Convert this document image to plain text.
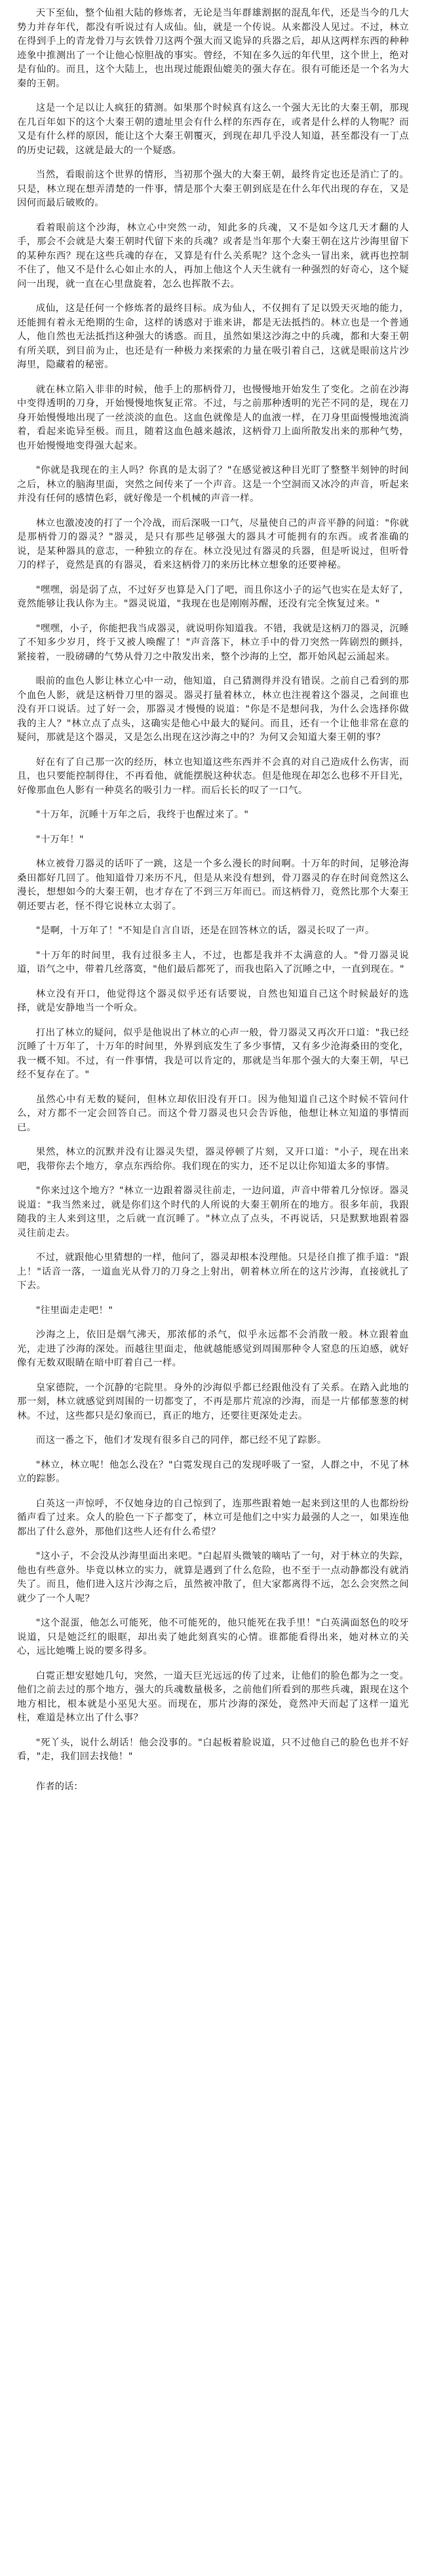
天下至仙，整个仙祖大陆的修炼者，无论是当年群雄割据的混乱年代，还是当今的几大势力并存年代，都没有听说过有人成仙。仙，就是一个传说。从来都没人见过。不过，林立在得到手上的青龙骨刀与玄铁骨刀这两个强大而又诡异的兵器之后，却从这两样东西的种种迹象中推测出了一个让他心惊胆战的事实。曾经，不知在多久远的年代里，这个世上，绝对是有仙的。而且，这个大陆上，也出现过能跟仙媲美的强大存在。很有可能还是一个名为大秦的王朝。

这是一个足以让人疯狂的猜测。如果那个时候真有这么一个强大无比的大秦王朝，那现在几百年如下的这个大秦王朝的遗址里会有什么样的东西存在，或者是什么样的人物呢？而又是有什么样的原因，能让这个大秦王朝覆灭，到现在却几乎没人知道，甚至都没有一丁点的历史记载，这就是最大的一个疑惑。

当然，看眼前这个世界的情形，当初那个强大的大秦王朝，最终肯定也还是消亡了的。只是，林立现在想弄清楚的一件事，情是那个大秦王朝到底是在什么年代出现的存在，又是因何而最后破败的。

看着眼前这个沙海，林立心中突然一动，知此多的兵魂，又不是如今这几天才翻的人手，那会不会就是大秦王朝时代留下来的兵魂？或者是当年那个大秦王朝在这片沙海里留下的某种东西？现在这些兵魂的存在，又算是有什么关系呢？这个念头一冒出来，就再也控制不住了，他又不是什么心如止水的人，再加上他这个人天生就有一种强烈的好奇心，这个疑问一出现，就一直在心里盘旋着，怎么也挥散不去。

成仙，这是任何一个修炼者的最终目标。成为仙人，不仅拥有了足以毁天灭地的能力，还能拥有着永无绝期的生命，这样的诱惑对于谁来讲，都是无法抵挡的。林立也是一个普通人，他自然也无法抵挡这种强大的诱惑。而且，虽然如果这沙海之中的兵魂，都和大秦王朝有所关联，到目前为止，也还是有一种极力来探索的力量在吸引着自己，这就是眼前这片沙海里，隐藏着的秘密。

就在林立陷入非非的时候，他手上的那柄骨刀，也慢慢地开始发生了变化。之前在沙海中变得透明的刀身，开始慢慢地恢复正常。不过，与之前那种透明的光芒不同的是，现在刀身开始慢慢地出现了一丝淡淡的血色。这血色就像是人的血液一样，在刀身里面慢慢地流淌着，看起来诡异至极。而且，随着这血色越来越浓，这柄骨刀上面所散发出来的那种气势，也开始慢慢地变得强大起来。

"你就是我现在的主人吗？你真的是太弱了？"在感觉被这种目光盯了整整半刻钟的时间之后，林立的脑海里面，突然之间传来了一个声音。这是一个空洞而又冰冷的声音，听起来并没有任何的感情色彩，就好像是一个机械的声音一样。

林立也激凌凌的打了一个冷战，而后深吸一口气，尽量使自己的声音平静的问道："你就是那柄骨刀的器灵？"器灵，是只有那些足够强大的器具才可能拥有的东西。或者准确的说，是某种器具的意志，一种独立的存在。林立没见过有器灵的兵器，但是听说过，但听骨刀的样子，竟然是真的有器灵，看来这柄骨刀的来历比林立想象的还要神秘。

"嘿嘿，弱是弱了点，不过好歹也算是入门了吧，而且你这小子的运气也实在是太好了，竟然能够让我认你为主。"器灵说道，"我现在也是刚刚苏醒，还没有完全恢复过来。"

"嘿嘿，小子，你能把我当成器灵，就说明你知道我。不错，我就是这柄刀的器灵，沉睡了不知多少岁月，终于又被人唤醒了！"声音落下，林立手中的骨刀突然一阵剧烈的颤抖，紧接着，一股磅礴的气势从骨刀之中散发出来，整个沙海的上空，都开始风起云涌起来。

眼前的血色人影让林立心中一动，他知道，自己猜测得并没有错误。之前自己看到的那个血色人影，就是这柄骨刀里的器灵。器灵打量着林立，林立也注视着这个器灵，之间谁也没有开口说话。过了好一会，那器灵才慢慢的说道："你是不是想问我，为什么会选择你做我的主人？"林立点了点头，这确实是他心中最大的疑问。而且，还有一个让他非常在意的疑问，那就是这个器灵，又是怎么出现在这沙海之中的？为何又会知道大秦王朝的事？

好在有了自己那一次的经历，林立也知道这些东西并不会真的对自己造成什么伤害，而且，也只要能控制得住，不再看他，就能摆脱这种状态。但是他现在却怎么也移不开目光，好像那血色人影有一种莫名的吸引力一样。而后长长的叹了一口气。

"十万年，沉睡十万年之后，我终于也醒过来了。"

"十万年！"

林立被骨刀器灵的话吓了一跳，这是一个多么漫长的时间啊。十万年的时间，足够沧海桑田都好几回了。他知道骨刀来历不凡，但是从来没有想到，骨刀器灵的存在时间竟然这么漫长，想想如今的大秦王朝，也才存在了不到三万年而已。而这柄骨刀，竟然比那个大秦王朝还要古老，怪不得它说林立太弱了。

"是啊，十万年了！"不知是自言自语，还是在回答林立的话，器灵长叹了一声。

"十万年的时间里，我有过很多主人，不过，也都是我并不太满意的人。"骨刀器灵说道，语气之中，带着几丝落寞，"他们最后都死了，而我也陷入了沉睡之中，一直到现在。"

林立没有开口，他觉得这个器灵似乎还有话要说，自然也知道自己这个时候最好的选择，就是安静地当一个听众。

打出了林立的疑问，似乎是他说出了林立的心声一般，骨刀器灵又再次开口道："我已经沉睡了十万年了，十万年的时间里，外界到底发生了多少事情，又有多少沧海桑田的变化，我一概不知。不过，有一件事情，我是可以肯定的，那就是当年那个强大的大秦王朝，早已经不复存在了。"

虽然心中有无数的疑问，但林立却依旧没有开口。因为他知道自己这个时候不管问什么，对方都不一定会回答自己。而这个骨刀器灵也只会告诉他，他想让林立知道的事情而已。

果然，林立的沉默并没有让器灵失望，器灵停顿了片刻，又开口道："小子，现在出来吧，我带你去个地方，拿点东西给你。我们现在的实力，还不足以让你知道太多的事情。

"你来过这个地方？"林立一边跟着器灵往前走，一边问道，声音中带着几分惊讶。器灵说道："我当然来过，就是你们这个时代的人所说的大秦王朝所在的地方。很多年前，我跟随我的主人来到这里，之后就一直沉睡了。"林立点了点头，不再说话，只是默默地跟着器灵往前走去。

不过，就跟他心里猜想的一样，他问了，器灵却根本没理他。只是径自推了推手道："跟上！"话音一落，一道血光从骨刀的刀身之上射出，朝着林立所在的这片沙海，直接就扎了下去。

"往里面走走吧！"

沙海之上，依旧是烟气沸天，那浓郁的杀气，似乎永远都不会消散一般。林立跟着血光，走进了沙海的深处。而越往里面走，他就越能感觉到周围那种令人窒息的压迫感，就好像有无数双眼睛在暗中盯着自己一样。

皇家德院，一个沉静的宅院里。身外的沙海似乎都已经跟他没有了关系。在踏入此地的那一刻，林立就感觉到周围的一切都变了，不再是那片荒凉的沙海，而是一片郁郁葱葱的树林。不过，这些都只是幻象而已，真正的地方，还要往更深处走去。

而这一番之下，他们才发现有很多自己的同伴，都已经不见了踪影。

"林立，林立呢！他怎么没在？"白霓发现自己的发现呼吸了一窒，人群之中，不见了林立的踪影。

白英这一声惊呼，不仅她身边的自己惊到了，连那些跟着她一起来到这里的人也都纷纷循声看了过来。众人的脸色一下子都变了，林立可是他们之中实力最强的人之一，如果连他都出了什么意外，那他们这些人还有什么希望？

"这小子，不会没从沙海里面出来吧。"白起眉头微皱的嘀咕了一句，对于林立的失踪，他也有些意外。毕竟以林立的实力，就算是遇到了什么危险，也不至于一点动静都没有就消失了。而且，他们进入这片沙海之后，虽然被冲散了，但大家都离得不远，怎么会突然之间就少了一个人呢？

"这个混蛋，他怎么可能死，他不可能死的，他只能死在我手里！"白英满面怒色的咬牙说道，只是她泛红的眼眶，却出卖了她此刻真实的心情。谁都能看得出来，她对林立的关心，远比她嘴上说的要多得多。

白霓正想安慰她几句，突然，一道天巨光远远的传了过来，让他们的脸色都为之一变。他们之前去过的那个地方，强大的兵魂数量极多，之前他们所看到的那些兵魂，跟现在这个地方相比，根本就是小巫见大巫。而现在，那片沙海的深处，竟然冲天而起了这样一道光柱，难道是林立出了什么事？

"死丫头，说什么胡话！他会没事的。"白起板着脸说道，只不过他自己的脸色也并不好看，"走，我们回去找他！"

作者的话：
